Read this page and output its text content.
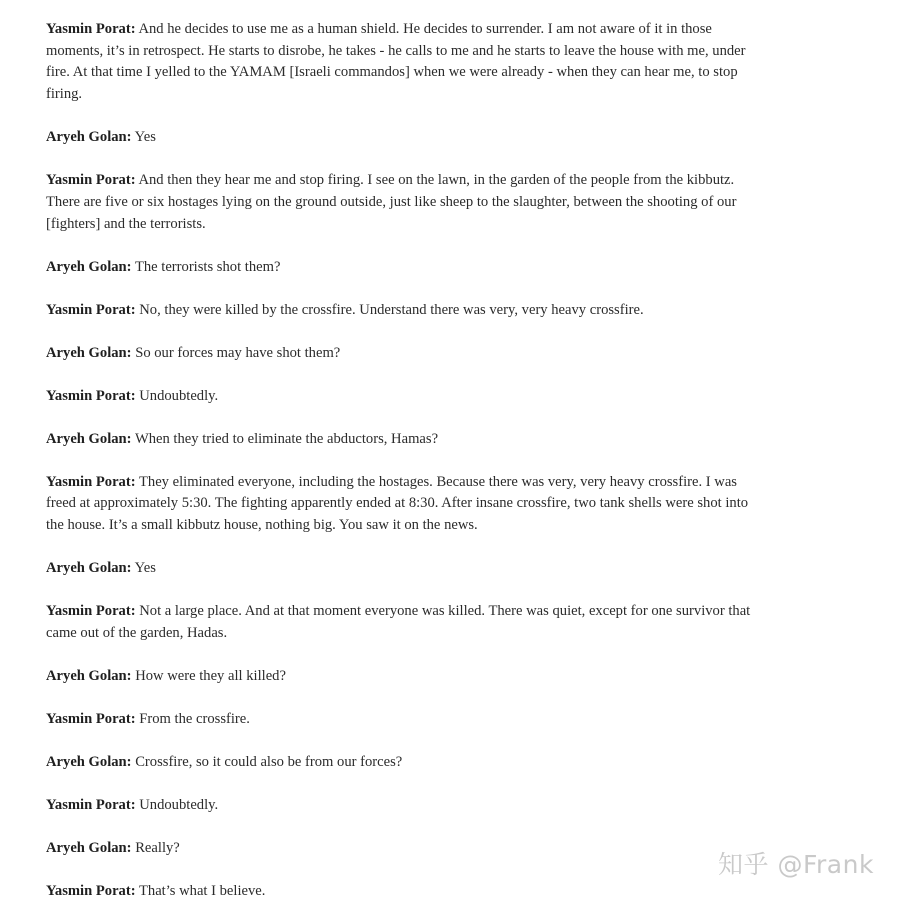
Yasmin Porat: And he decides to use me as a human shield. He decides to surrender. I am not aware of it in those moments, it’s in retrospect. He starts to disrobe, he takes - he calls to me and he starts to leave the house with me, under fire. At that time I yelled to the YAMAM [Israeli commandos] when we were already - when they can hear me, to stop firing.

Aryeh Golan: Yes

Yasmin Porat: And then they hear me and stop firing. I see on the lawn, in the garden of the people from the kibbutz. There are five or six hostages lying on the ground outside, just like sheep to the slaughter, between the shooting of our [fighters] and the terrorists.

Aryeh Golan: The terrorists shot them?

Yasmin Porat: No, they were killed by the crossfire. Understand there was very, very heavy crossfire.

Aryeh Golan: So our forces may have shot them?

Yasmin Porat: Undoubtedly.

Aryeh Golan: When they tried to eliminate the abductors, Hamas?

Yasmin Porat: They eliminated everyone, including the hostages. Because there was very, very heavy crossfire. I was freed at approximately 5:30. The fighting apparently ended at 8:30. After insane crossfire, two tank shells were shot into the house. It’s a small kibbutz house, nothing big. You saw it on the news.

Aryeh Golan: Yes

Yasmin Porat: Not a large place. And at that moment everyone was killed. There was quiet, except for one survivor that came out of the garden, Hadas.

Aryeh Golan: How were they all killed?

Yasmin Porat: From the crossfire.

Aryeh Golan: Crossfire, so it could also be from our forces?

Yasmin Porat: Undoubtedly.

Aryeh Golan: Really?

Yasmin Porat: That’s what I believe.

知乎 @Frank
